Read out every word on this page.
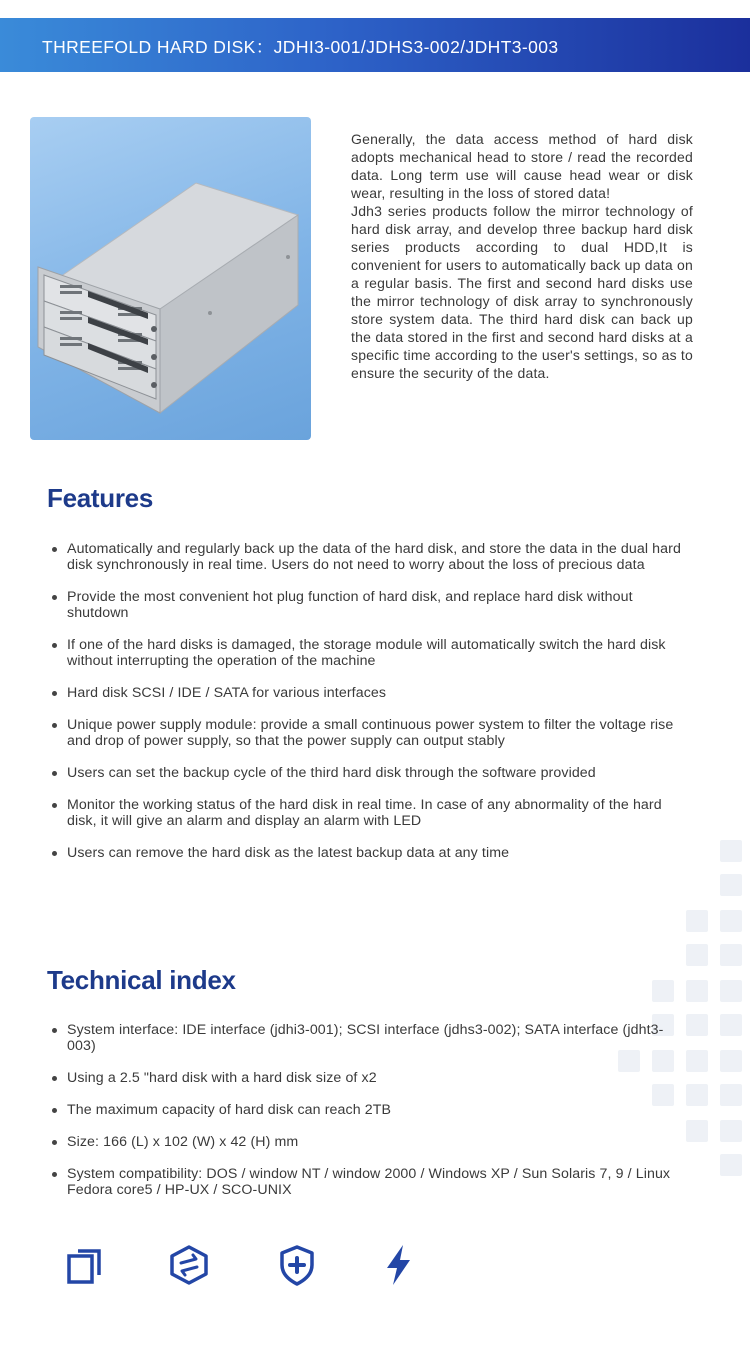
THREEFOLD HARD DISK：JDHI3-001/JDHS3-002/JDHT3-003

Generally, the data access method of hard disk adopts mechanical head to store / read the recorded data. Long term use will cause head wear or disk wear, resulting in the loss of stored data!

Jdh3 series products follow the mirror technology of hard disk array, and develop three backup hard disk series products according to dual HDD,It is convenient for users to automatically back up data on a regular basis. The first and second hard disks use the mirror technology of disk array to synchronously store system data. The third hard disk can back up the data stored in the first and second hard disks at a specific time according to the user's settings, so as to ensure the security of the data.

Features
Automatically and regularly back up the data of the hard disk, and store the data in the dual hard disk synchronously in real time. Users do not need to worry about the loss of precious data
Provide the most convenient hot plug function of hard disk, and replace hard disk without shutdown
If one of the hard disks is damaged, the storage module will automatically switch the hard disk without interrupting the operation of the machine
Hard disk SCSI / IDE / SATA for various interfaces
Unique power supply module: provide a small continuous power system to filter the voltage rise and drop of power supply, so that the power supply can output stably
Users can set the backup cycle of the third hard disk through the software provided
Monitor the working status of the hard disk in real time. In case of any abnormality of the hard disk, it will give an alarm and display an alarm with LED
Users can remove the hard disk as the latest backup data at any time
Technical index
System interface: IDE interface (jdhi3-001); SCSI interface (jdhs3-002); SATA interface (jdht3-003)
Using a 2.5 "hard disk with a hard disk size of x2
The maximum capacity of hard disk can reach 2TB
Size: 166 (L) x 102 (W) x 42 (H) mm
System compatibility: DOS / window NT / window 2000 / Windows XP / Sun Solaris 7, 9 / Linux Fedora core5 / HP-UX / SCO-UNIX
